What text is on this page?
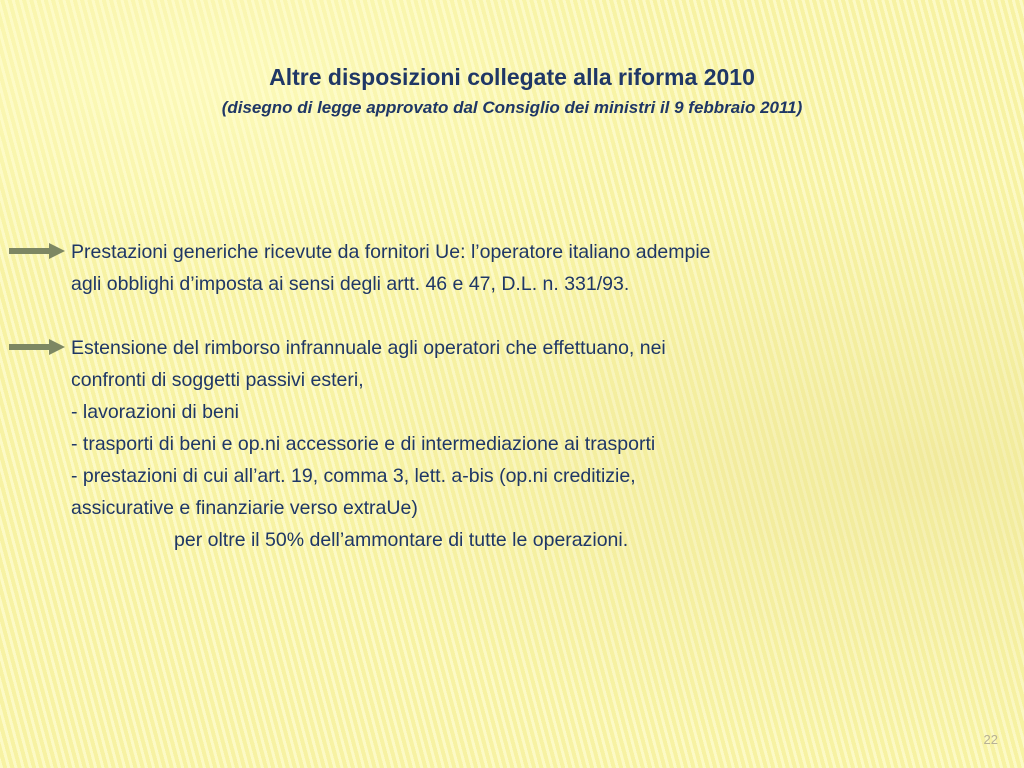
Altre disposizioni collegate alla riforma 2010

(disegno di legge approvato dal Consiglio dei ministri il 9 febbraio 2011)

Prestazioni generiche ricevute da fornitori Ue: l’operatore italiano adempie
agli obblighi d’imposta ai sensi degli artt. 46 e 47, D.L. n. 331/93.
Estensione del rimborso infrannuale agli operatori che effettuano, nei
confronti di soggetti passivi esteri,
- lavorazioni di beni
- trasporti di beni e op.ni accessorie e di intermediazione ai trasporti
- prestazioni di cui all’art. 19, comma 3, lett. a-bis (op.ni creditizie,
assicurative e finanziarie verso extraUe)
per oltre il 50% dell’ammontare di tutte le operazioni.
22
